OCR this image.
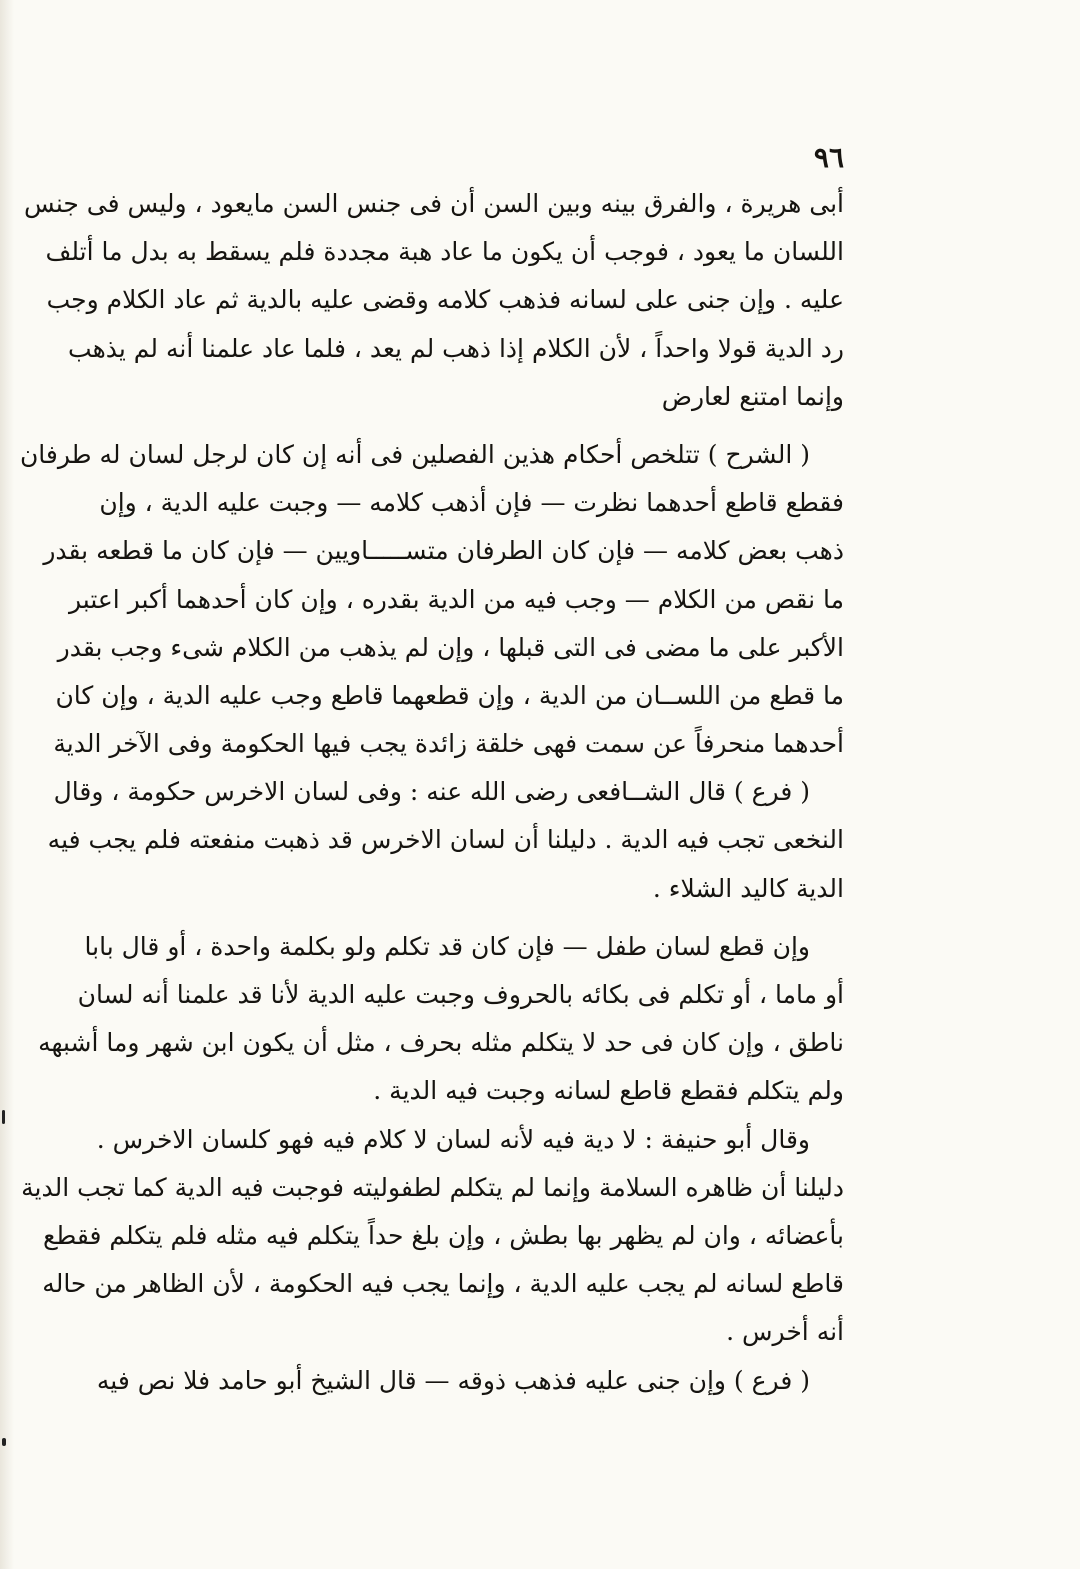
٩٦
أبى هريرة ، والفرق بينه وبين السن أن فى جنس السن مايعود ، وليس فى جنس
اللسان ما يعود ، فوجب أن يكون ما عاد هبة مجددة فلم يسقط به بدل ما أتلف
عليه . وإن جنى على لسانه فذهب كلامه وقضى عليه بالدية ثم عاد الكلام وجب
رد الدية قولا واحداً ، لأن الكلام إذا ذهب لم يعد ، فلما عاد علمنا أنه لم يذهب
وإنما امتنع لعارض
( الشرح ) تتلخص أحكام هذين الفصلين فى أنه إن كان لرجل لسان له طرفان
فقطع قاطع أحدهما نظرت — فإن أذهب كلامه — وجبت عليه الدية ، وإن
ذهب بعض كلامه — فإن كان الطرفان متســـــاويين — فإن كان ما قطعه بقدر
ما نقص من الكلام — وجب فيه من الدية بقدره ، وإن كان أحدهما أكبر اعتبر
الأكبر على ما مضى فى التى قبلها ، وإن لم يذهب من الكلام شىء وجب بقدر
ما قطع من اللســان من الدية ، وإن قطعهما قاطع وجب عليه الدية ، وإن كان
أحدهما منحرفاً عن سمت فهى خلقة زائدة يجب فيها الحكومة وفى الآخر الدية
( فرع ) قال الشــافعى رضى الله عنه : وفى لسان الاخرس حكومة ، وقال
النخعى تجب فيه الدية . دليلنا أن لسان الاخرس قد ذهبت منفعته فلم يجب فيه
الدية كاليد الشلاء .
وإن قطع لسان طفل — فإن كان قد تكلم ولو بكلمة واحدة ، أو قال بابا
أو ماما ، أو تكلم فى بكائه بالحروف وجبت عليه الدية لأنا قد علمنا أنه لسان
ناطق ، وإن كان فى حد لا يتكلم مثله بحرف ، مثل أن يكون ابن شهر وما أشبهه
ولم يتكلم فقطع قاطع لسانه وجبت فيه الدية .
وقال أبو حنيفة : لا دية فيه لأنه لسان لا كلام فيه فهو كلسان الاخرس .
دليلنا أن ظاهره السلامة وإنما لم يتكلم لطفوليته فوجبت فيه الدية كما تجب الدية
بأعضائه ، وان لم يظهر بها بطش ، وإن بلغ حداً يتكلم فيه مثله فلم يتكلم فقطع
قاطع لسانه لم يجب عليه الدية ، وإنما يجب فيه الحكومة ، لأن الظاهر من حاله
أنه أخرس .
( فرع ) وإن جنى عليه فذهب ذوقه — قال الشيخ أبو حامد فلا نص فيه
